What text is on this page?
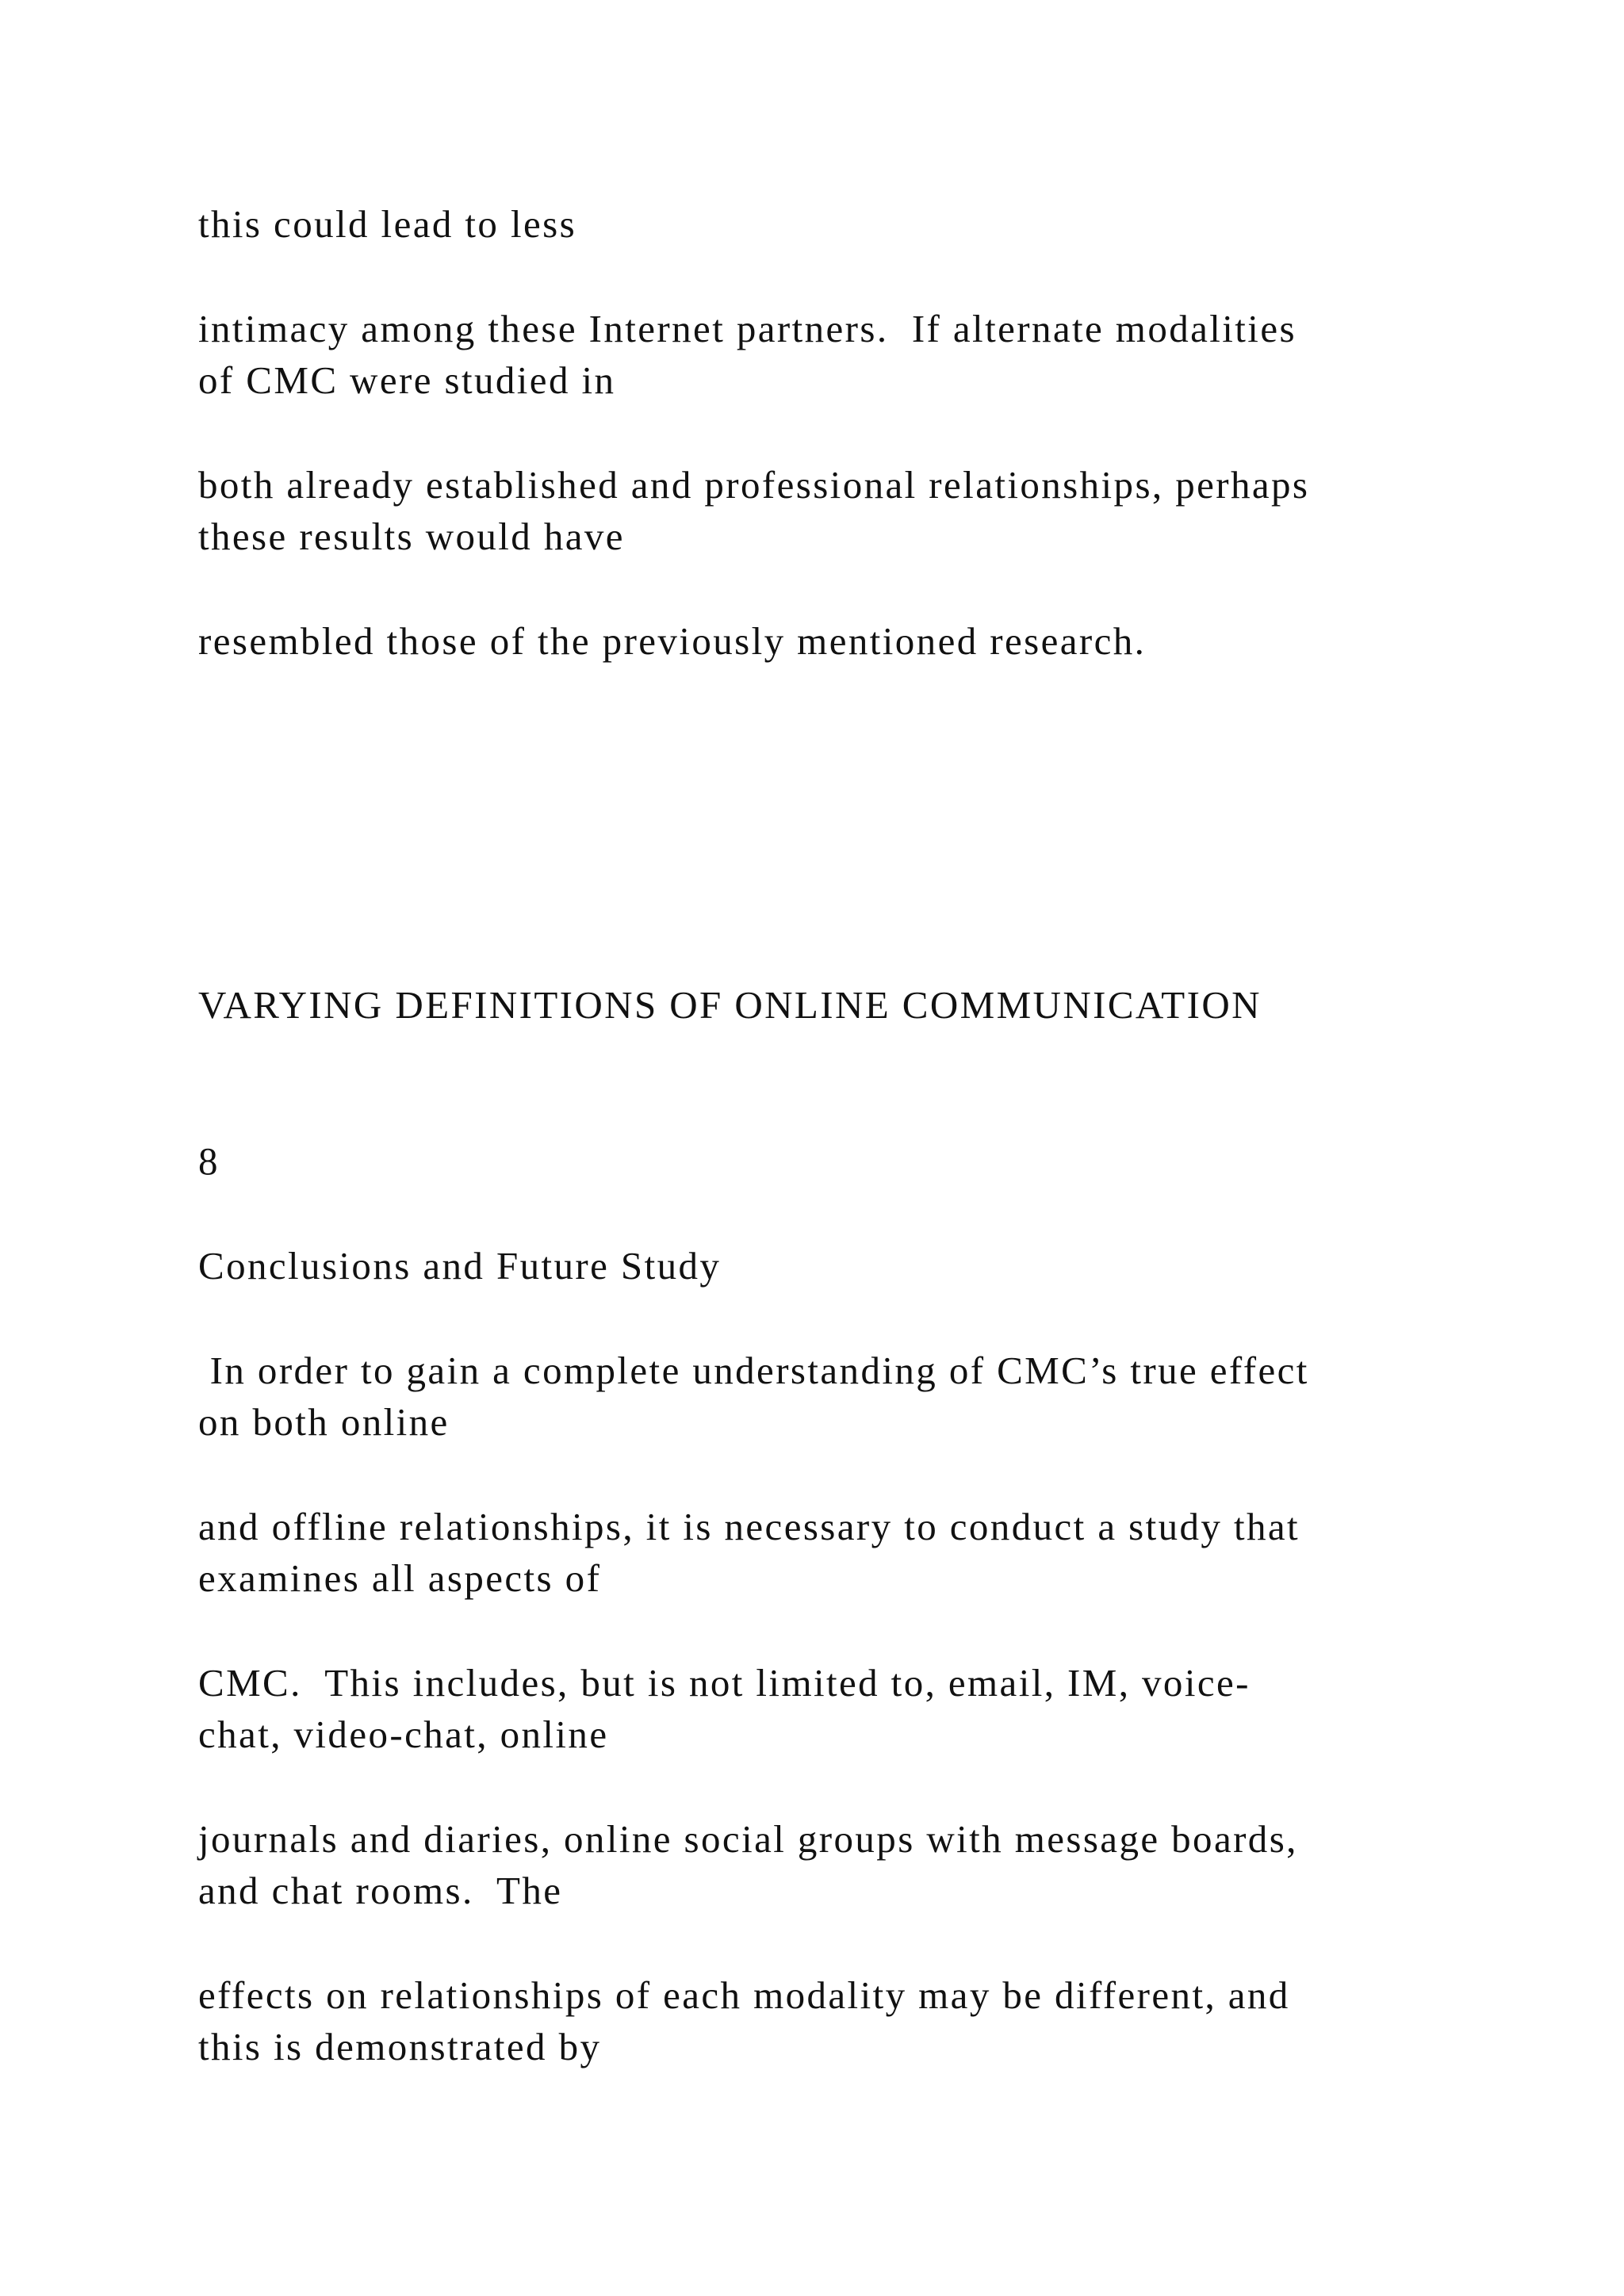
this could lead to less

intimacy among these Internet partners.  If alternate modalities

of CMC were studied in

both already established and professional relationships, perhaps

these results would have

resembled those of the previously mentioned research.

VARYING DEFINITIONS OF ONLINE COMMUNICATION

8

Conclusions and Future Study

In order to gain a complete understanding of CMC’s true effect

on both online

and offline relationships, it is necessary to conduct a study that

examines all aspects of

CMC.  This includes, but is not limited to, email, IM, voice-

chat, video-chat, online

journals and diaries, online social groups with message boards,

and chat rooms.  The

effects on relationships of each modality may be different, and

this is demonstrated by
